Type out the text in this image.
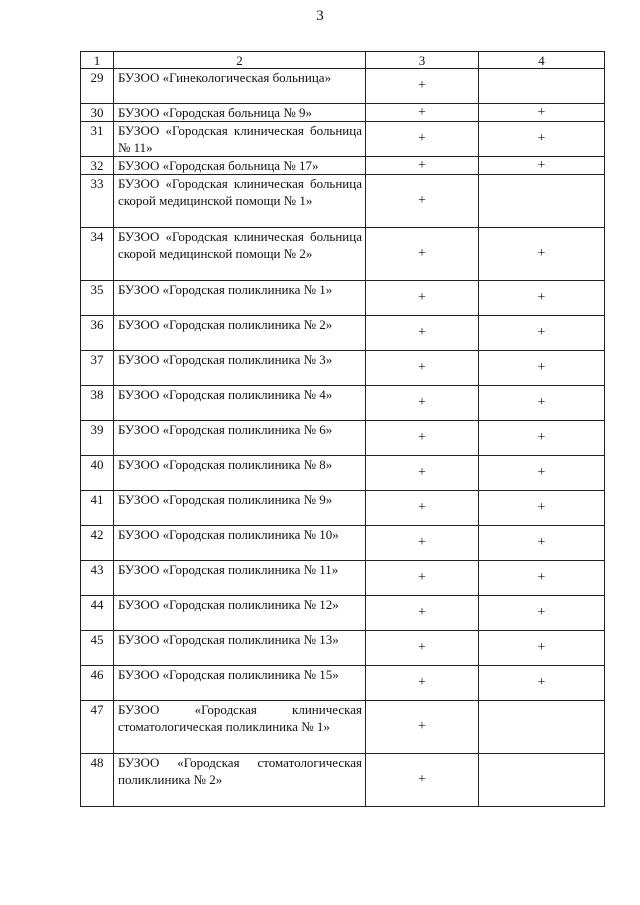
3
1	2	3	4
29	БУЗОО «Гинекологическая больница»	+	
30	БУЗОО «Городская больница № 9»	+	+
31	БУЗОО «Городская клиническая больница № 11»	+	+
32	БУЗОО «Городская больница № 17»	+	+
33	БУЗОО «Городская клиническая больница скорой медицинской помощи № 1»	+	
34	БУЗОО «Городская клиническая больница скорой медицинской помощи № 2»	+	+
35	БУЗОО «Городская поликлиника № 1»	+	+
36	БУЗОО «Городская поликлиника № 2»	+	+
37	БУЗОО «Городская поликлиника № 3»	+	+
38	БУЗОО «Городская поликлиника № 4»	+	+
39	БУЗОО «Городская поликлиника № 6»	+	+
40	БУЗОО «Городская поликлиника № 8»	+	+
41	БУЗОО «Городская поликлиника № 9»	+	+
42	БУЗОО «Городская поликлиника № 10»	+	+
43	БУЗОО «Городская поликлиника № 11»	+	+
44	БУЗОО «Городская поликлиника № 12»	+	+
45	БУЗОО «Городская поликлиника № 13»	+	+
46	БУЗОО «Городская поликлиника № 15»	+	+
47	БУЗОО «Городская клиническая стоматологическая поликлиника № 1»	+	
48	БУЗОО «Городская стоматологическая поликлиника № 2»	+	
